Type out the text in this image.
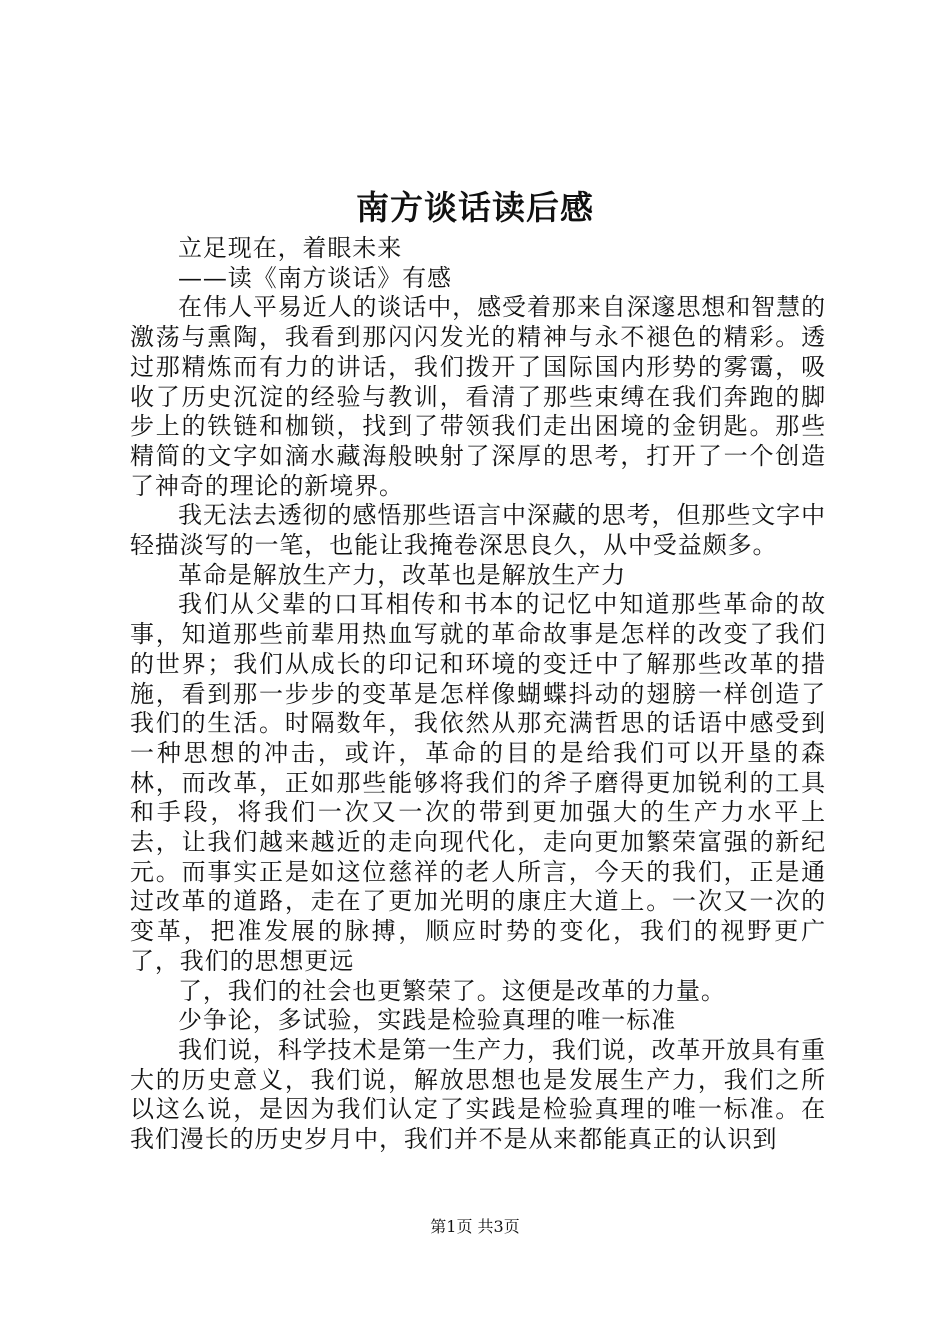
南方谈话读后感

立足现在，着眼未来

——读《南方谈话》有感

在伟人平易近人的谈话中，感受着那来自深邃思想和智慧的激荡与熏陶，我看到那闪闪发光的精神与永不褪色的精彩。透过那精炼而有力的讲话，我们拨开了国际国内形势的雾霭，吸收了历史沉淀的经验与教训，看清了那些束缚在我们奔跑的脚步上的铁链和枷锁，找到了带领我们走出困境的金钥匙。那些精简的文字如滴水藏海般映射了深厚的思考，打开了一个创造了神奇的理论的新境界。

我无法去透彻的感悟那些语言中深藏的思考，但那些文字中轻描淡写的一笔，也能让我掩卷深思良久，从中受益颇多。

革命是解放生产力，改革也是解放生产力

我们从父辈的口耳相传和书本的记忆中知道那些革命的故事，知道那些前辈用热血写就的革命故事是怎样的改变了我们的世界；我们从成长的印记和环境的变迁中了解那些改革的措施，看到那一步步的变革是怎样像蝴蝶抖动的翅膀一样创造了我们的生活。时隔数年，我依然从那充满哲思的话语中感受到一种思想的冲击，或许，革命的目的是给我们可以开垦的森林，而改革，正如那些能够将我们的斧子磨得更加锐利的工具和手段，将我们一次又一次的带到更加强大的生产力水平上去，让我们越来越近的走向现代化，走向更加繁荣富强的新纪元。而事实正是如这位慈祥的老人所言，今天的我们，正是通过改革的道路，走在了更加光明的康庄大道上。一次又一次的变革，把准发展的脉搏，顺应时势的变化，我们的视野更广了，我们的思想更远

了，我们的社会也更繁荣了。这便是改革的力量。

少争论，多试验，实践是检验真理的唯一标准

我们说，科学技术是第一生产力，我们说，改革开放具有重大的历史意义，我们说，解放思想也是发展生产力，我们之所以这么说，是因为我们认定了实践是检验真理的唯一标准。在我们漫长的历史岁月中，我们并不是从来都能真正的认识到

第1页 共3页
